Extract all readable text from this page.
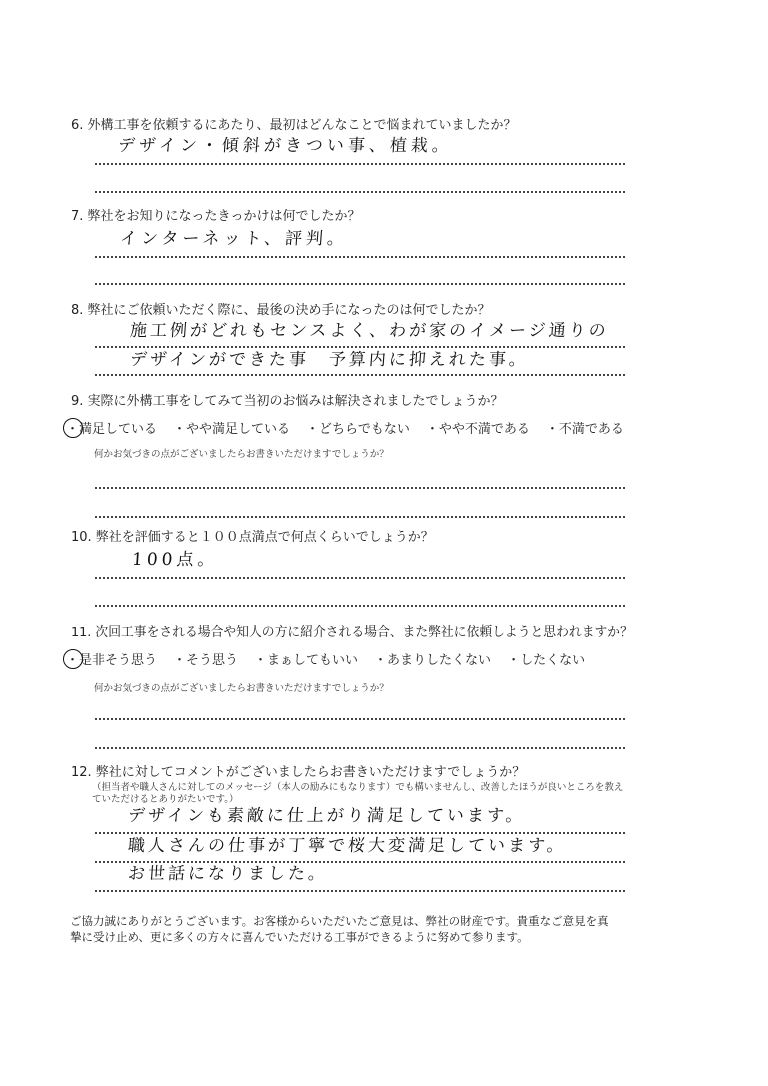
6. 外構工事を依頼するにあたり、最初はどんなことで悩まれていましたか？
デザイン・傾斜がきつい事、植栽。
7. 弊社をお知りになったきっかけは何でしたか？
インターネット、評判。
8. 弊社にご依頼いただく際に、最後の決め手になったのは何でしたか？
施工例がどれもセンスよく、わが家のイメージ通りの
デザインができた事　予算内に抑えれた事。
9. 実際に外構工事をしてみて当初のお悩みは解決されましたでしょうか？
・満足している ・やや満足している ・どちらでもない ・やや不満である ・不満である
何かお気づきの点がございましたらお書きいただけますでしょうか？
10. 弊社を評価すると１００点満点で何点くらいでしょうか？
100点。
11. 次回工事をされる場合や知人の方に紹介される場合、また弊社に依頼しようと思われますか？
・是非そう思う ・そう思う ・まぁしてもいい ・あまりしたくない ・したくない
何かお気づきの点がございましたらお書きいただけますでしょうか？
12. 弊社に対してコメントがございましたらお書きいただけますでしょうか？
（担当者や職人さんに対してのメッセージ（本人の励みにもなります）でも構いませんし、改善したほうが良いところを教えていただけるとありがたいです。）
デザインも素敵に仕上がり満足しています。
職人さんの仕事が丁寧で桜大変満足しています。
お世話になりました。
ご協力誠にありがとうございます。お客様からいただいたご意見は、弊社の財産です。貴重なご意見を真摯に受け止め、更に多くの方々に喜んでいただける工事ができるように努めて参ります。
